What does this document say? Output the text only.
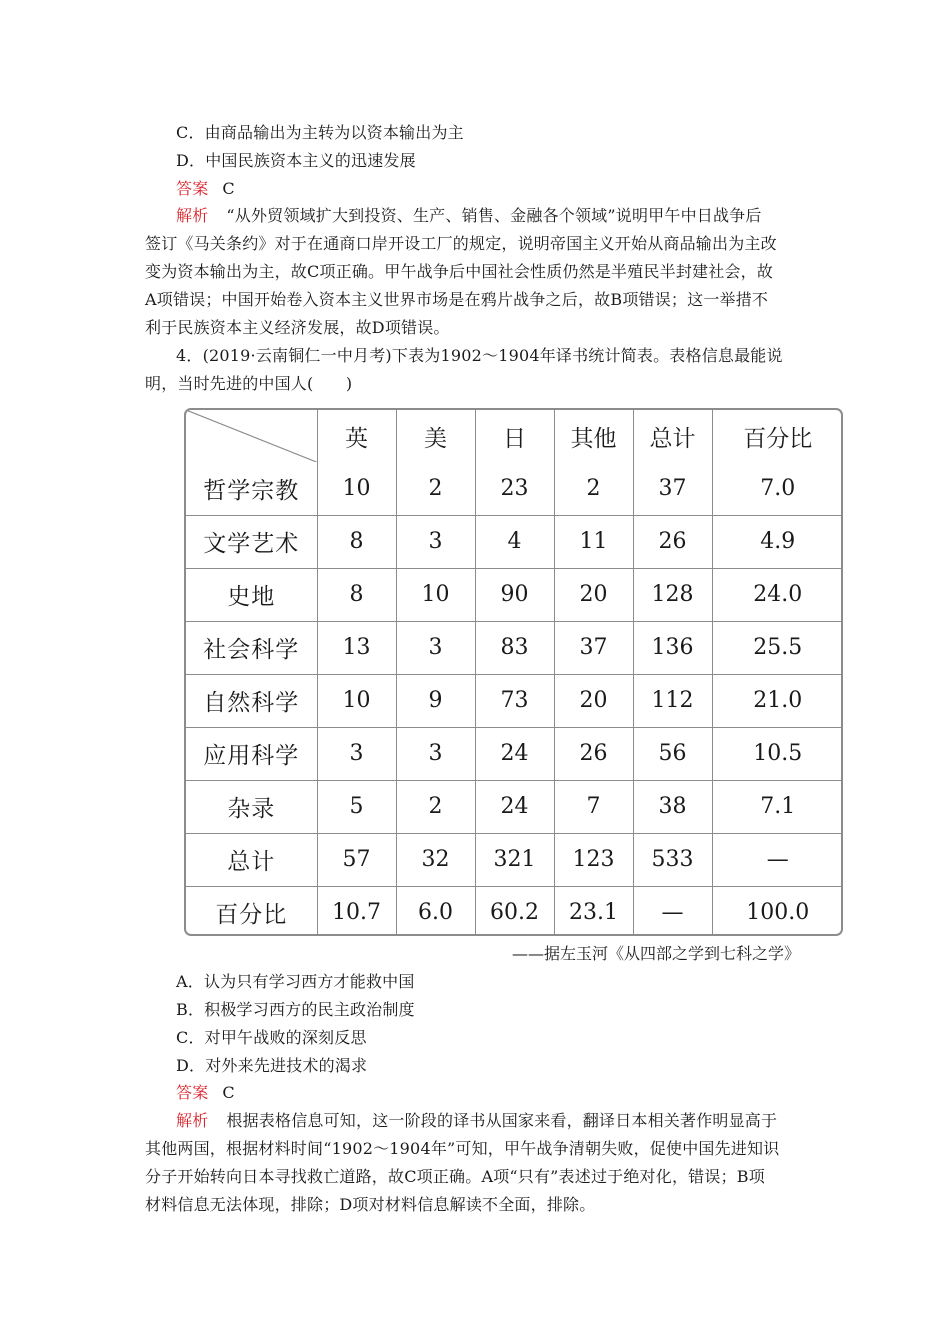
C．由商品输出为主转为以资本输出为主
D．中国民族资本主义的迅速发展
答案 C
解析 “从外贸领域扩大到投资、生产、销售、金融各个领域”说明甲午中日战争后
签订《马关条约》对于在通商口岸开设工厂的规定，说明帝国主义开始从商品输出为主改
变为资本输出为主，故C项正确。甲午战争后中国社会性质仍然是半殖民半封建社会，故
A项错误；中国开始卷入资本主义世界市场是在鸦片战争之后，故B项错误；这一举措不
利于民族资本主义经济发展，故D项错误。
4．(2019·云南铜仁一中月考)下表为1902～1904年译书统计简表。表格信息最能说
明，当时先进的中国人(　　)
	英	美	日	其他	总计	百分比
哲学宗教	10	2	23	2	37	7.0
文学艺术	8	3	4	11	26	4.9
史地	8	10	90	20	128	24.0
社会科学	13	3	83	37	136	25.5
自然科学	10	9	73	20	112	21.0
应用科学	3	3	24	26	56	10.5
杂录	5	2	24	7	38	7.1
总计	57	32	321	123	533	—
百分比	10.7	6.0	60.2	23.1	—	100.0
——据左玉河《从四部之学到七科之学》
A．认为只有学习西方才能救中国
B．积极学习西方的民主政治制度
C．对甲午战败的深刻反思
D．对外来先进技术的渴求
答案 C
解析 根据表格信息可知，这一阶段的译书从国家来看，翻译日本相关著作明显高于
其他两国，根据材料时间“1902～1904年”可知，甲午战争清朝失败，促使中国先进知识
分子开始转向日本寻找救亡道路，故C项正确。A项“只有”表述过于绝对化，错误；B项
材料信息无法体现，排除；D项对材料信息解读不全面，排除。
